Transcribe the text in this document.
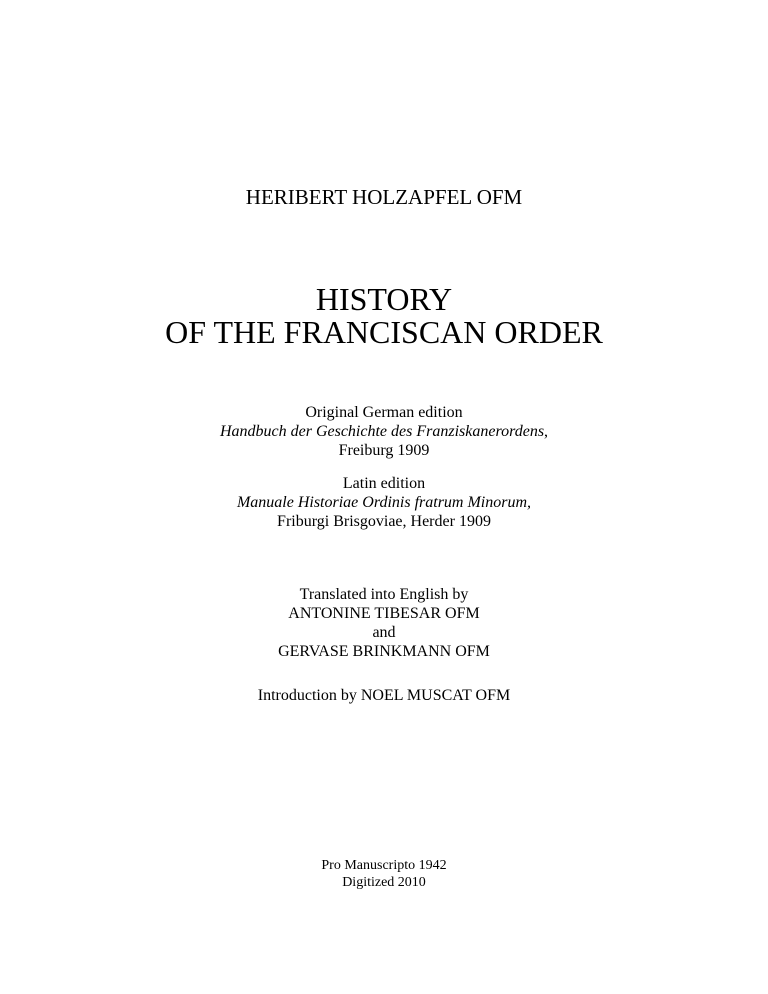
HERIBERT HOLZAPFEL OFM
HISTORY
OF THE FRANCISCAN ORDER
Original German edition
Handbuch der Geschichte des Franziskanerordens,
Freiburg 1909
Latin edition
Manuale Historiae Ordinis fratrum Minorum,
Friburgi Brisgoviae, Herder 1909
Translated into English by
ANTONINE TIBESAR OFM
and
GERVASE BRINKMANN OFM
Introduction by NOEL MUSCAT OFM
Pro Manuscripto 1942
Digitized 2010
